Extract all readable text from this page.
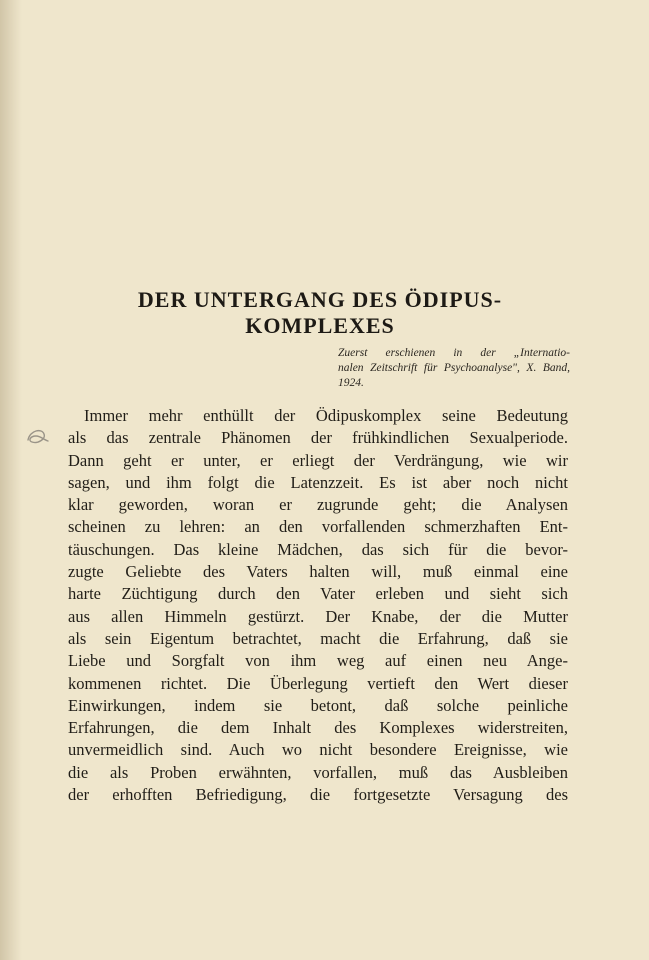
DER UNTERGANG DES ÖDIPUS-
KOMPLEXES
Zuerst erschienen in der „Internatio-
nalen Zeitschrift für Psychoanalyse", X. Band,
1924.
Immer mehr enthüllt der Ödipuskomplex seine Bedeutung
als das zentrale Phänomen der frühkindlichen Sexualperiode.
Dann geht er unter, er erliegt der Verdrängung, wie wir
sagen, und ihm folgt die Latenzzeit. Es ist aber noch nicht
klar geworden, woran er zugrunde geht; die Analysen
scheinen zu lehren: an den vorfallenden schmerzhaften Ent-
täuschungen. Das kleine Mädchen, das sich für die bevor-
zugte Geliebte des Vaters halten will, muß einmal eine
harte Züchtigung durch den Vater erleben und sieht sich
aus allen Himmeln gestürzt. Der Knabe, der die Mutter
als sein Eigentum betrachtet, macht die Erfahrung, daß sie
Liebe und Sorgfalt von ihm weg auf einen neu Ange-
kommenen richtet. Die Überlegung vertieft den Wert dieser
Einwirkungen, indem sie betont, daß solche peinliche
Erfahrungen, die dem Inhalt des Komplexes widerstreiten,
unvermeidlich sind. Auch wo nicht besondere Ereignisse, wie
die als Proben erwähnten, vorfallen, muß das Ausbleiben
der erhofften Befriedigung, die fortgesetzte Versagung des
